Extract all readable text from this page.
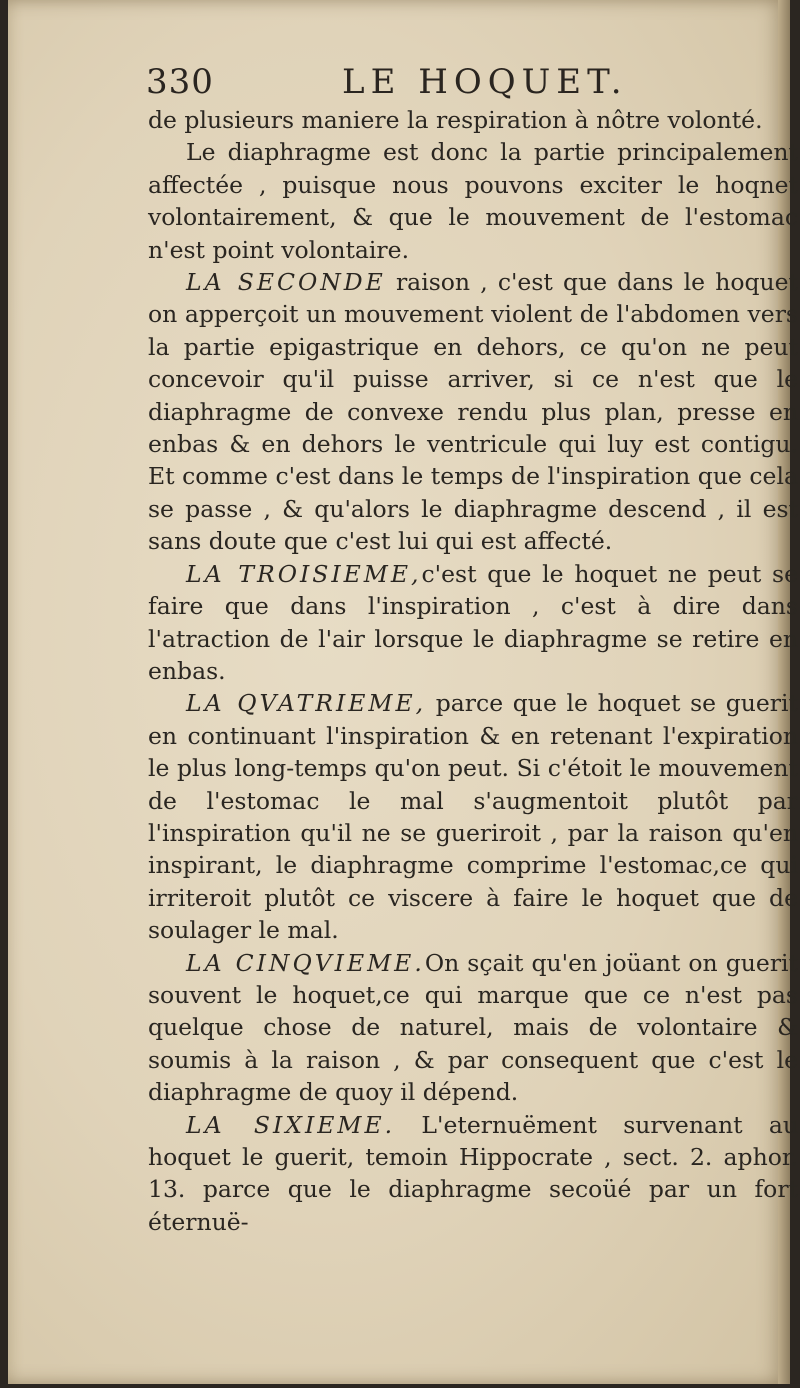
330	LE HOQUET.

de plusieurs maniere la respiration à nôtre volonté.

Le diaphragme est donc la partie principalement affectée , puisque nous pouvons exciter le hoqnet volontairement, & que le mouvement de l'estomac n'est point volontaire.

LA SECONDE raison , c'est que dans le hoquet on apperçoit un mouvement violent de l'abdomen vers la partie epigastrique en dehors, ce qu'on ne peut concevoir qu'il puisse arriver, si ce n'est que le diaphragme de convexe rendu plus plan, presse en enbas & en dehors le ventricule qui luy est contigu. Et comme c'est dans le temps de l'inspiration que cela se passe , & qu'alors le diaphragme descend , il est sans doute que c'est lui qui est affecté.

LA TROISIEME,c'est que le hoquet ne peut se faire que dans l'inspiration , c'est à dire dans l'atraction de l'air lorsque le diaphragme se retire en enbas.

LA QVATRIEME, parce que le hoquet se guerit en continuant l'inspiration & en retenant l'expiration le plus long-temps qu'on peut. Si c'étoit le mouvement de l'estomac le mal s'augmentoit plutôt par l'inspiration qu'il ne se gueriroit , par la raison qu'en inspirant, le diaphragme comprime l'estomac,ce qui irriteroit plutôt ce viscere à faire le hoquet que de soulager le mal.

LA CINQVIEME.On sçait qu'en joüant on guerit souvent le hoquet,ce qui marque que ce n'est pas quelque chose de naturel, mais de volontaire & soumis à la raison , & par consequent que c'est le diaphragme de quoy il dépend.

LA SIXIEME. L'eternuëment survenant au hoquet le guerit, temoin Hippocrate , sect. 2. aphor. 13. parce que le diaphragme secoüé par un fort éternuë-
